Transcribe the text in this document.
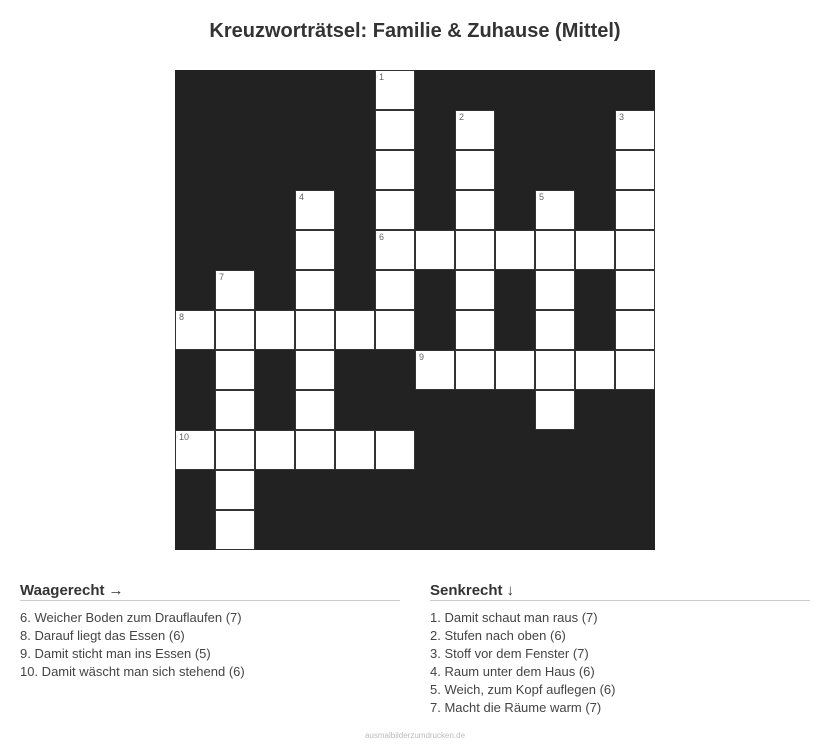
Kreuzworträtsel: Familie & Zuhause (Mittel)
1
2	3
4	5
6
7
8
9
10
Waagerecht →
6. Weicher Boden zum Drauflaufen (7)
8. Darauf liegt das Essen (6)
9. Damit sticht man ins Essen (5)
10. Damit wäscht man sich stehend (6)
Senkrecht ↓
1. Damit schaut man raus (7)
2. Stufen nach oben (6)
3. Stoff vor dem Fenster (7)
4. Raum unter dem Haus (6)
5. Weich, zum Kopf auflegen (6)
7. Macht die Räume warm (7)
ausmalbilderzumdrucken.de
